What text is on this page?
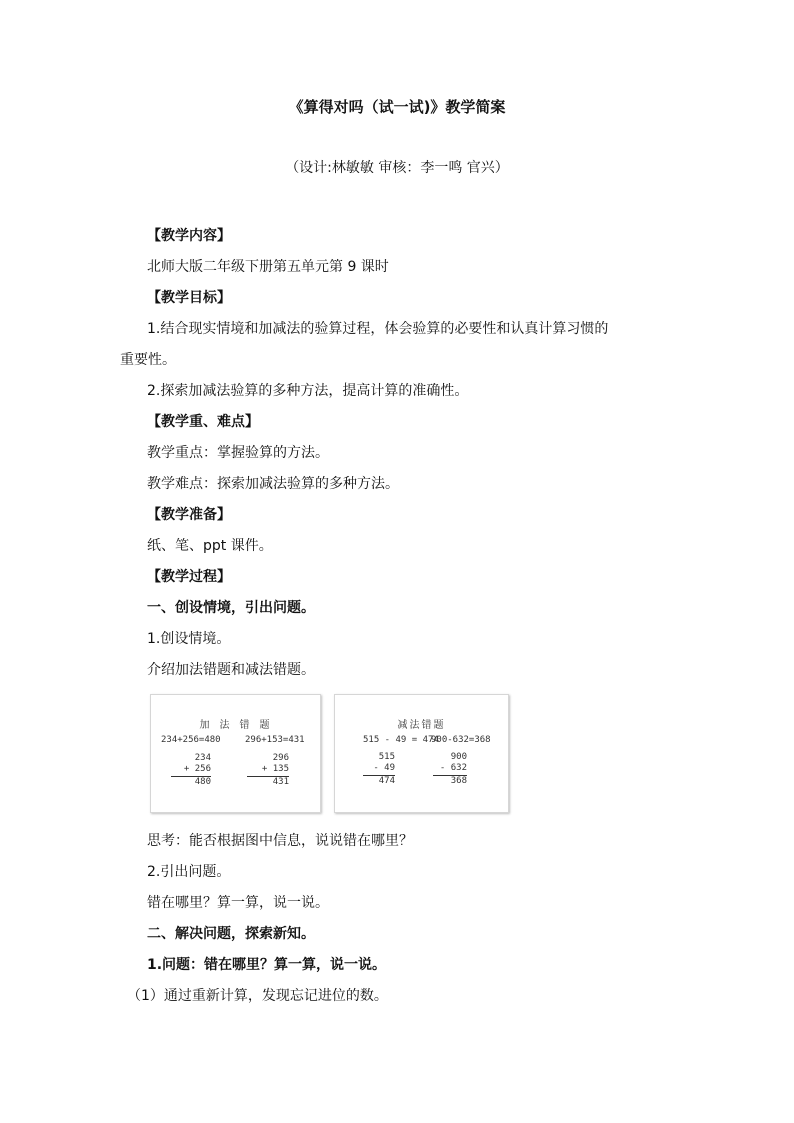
《算得对吗（试一试)》教学简案
（设计:林敏敏 审核：李一鸣 官兴）
【教学内容】
北师大版二年级下册第五单元第 9 课时
【教学目标】
1.结合现实情境和加减法的验算过程，体会验算的必要性和认真计算习惯的
重要性。
2.探索加减法验算的多种方法，提高计算的准确性。
【教学重、难点】
教学重点：掌握验算的方法。
教学难点：探索加减法验算的多种方法。
【教学准备】
纸、笔、ppt 课件。
【教学过程】
一、创设情境，引出问题。
1.创设情境。
介绍加法错题和减法错题。
加 法 错 题
234+256=480	296+153=431
234
+ 256
480
296
+ 135
431
减法错题
515 - 49 = 474
900-632=368
515
- 49
474
900
- 632
368
思考：能否根据图中信息，说说错在哪里？
2.引出问题。
错在哪里？算一算，说一说。
二、解决问题，探索新知。
1.问题：错在哪里？算一算，说一说。
（1）通过重新计算，发现忘记进位的数。
